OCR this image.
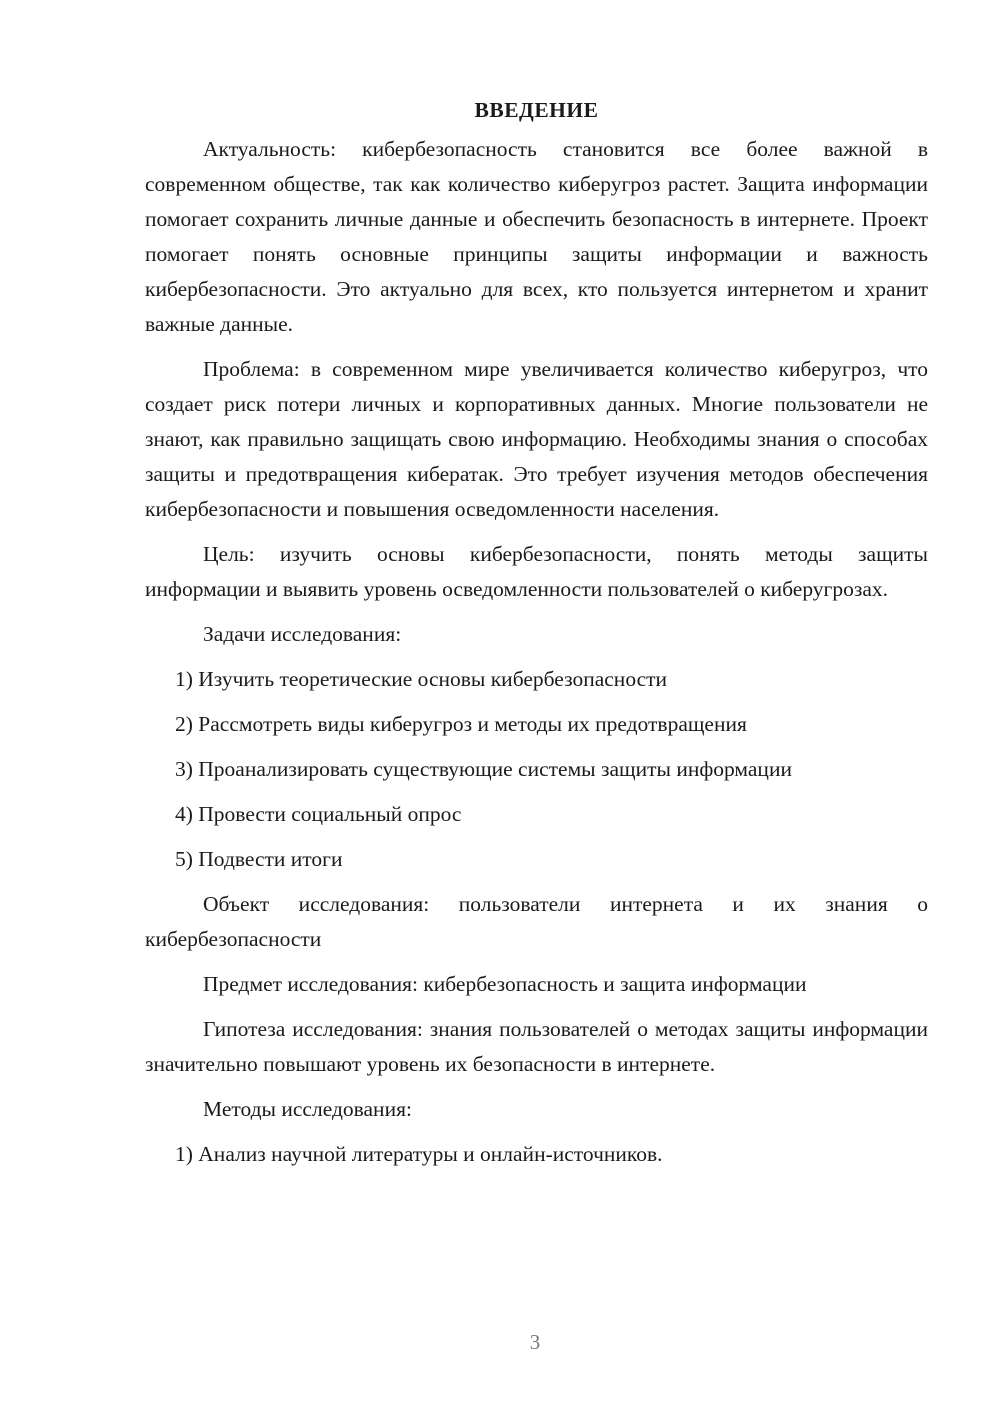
ВВЕДЕНИЕ

Актуальность: кибербезопасность становится все более важной в современном обществе, так как количество киберугроз растет. Защита информации помогает сохранить личные данные и обеспечить безопасность в интернете. Проект помогает понять основные принципы защиты информации и важность кибербезопасности. Это актуально для всех, кто пользуется интернетом и хранит важные данные.

Проблема: в современном мире увеличивается количество киберугроз, что создает риск потери личных и корпоративных данных. Многие пользователи не знают, как правильно защищать свою информацию. Необходимы знания о способах защиты и предотвращения кибератак. Это требует изучения методов обеспечения кибербезопасности и повышения осведомленности населения.

Цель: изучить основы кибербезопасности, понять методы защиты информации и выявить уровень осведомленности пользователей о киберугрозах.

Задачи исследования:

1) Изучить теоретические основы кибербезопасности
2) Рассмотреть виды киберугроз и методы их предотвращения
3) Проанализировать существующие системы защиты информации
4) Провести социальный опрос
5) Подвести итоги

Объект исследования: пользователи интернета и их знания о кибербезопасности

Предмет исследования: кибербезопасность и защита информации

Гипотеза исследования: знания пользователей о методах защиты информации значительно повышают уровень их безопасности в интернете.

Методы исследования:

1) Анализ научной литературы и онлайн-источников.
3
